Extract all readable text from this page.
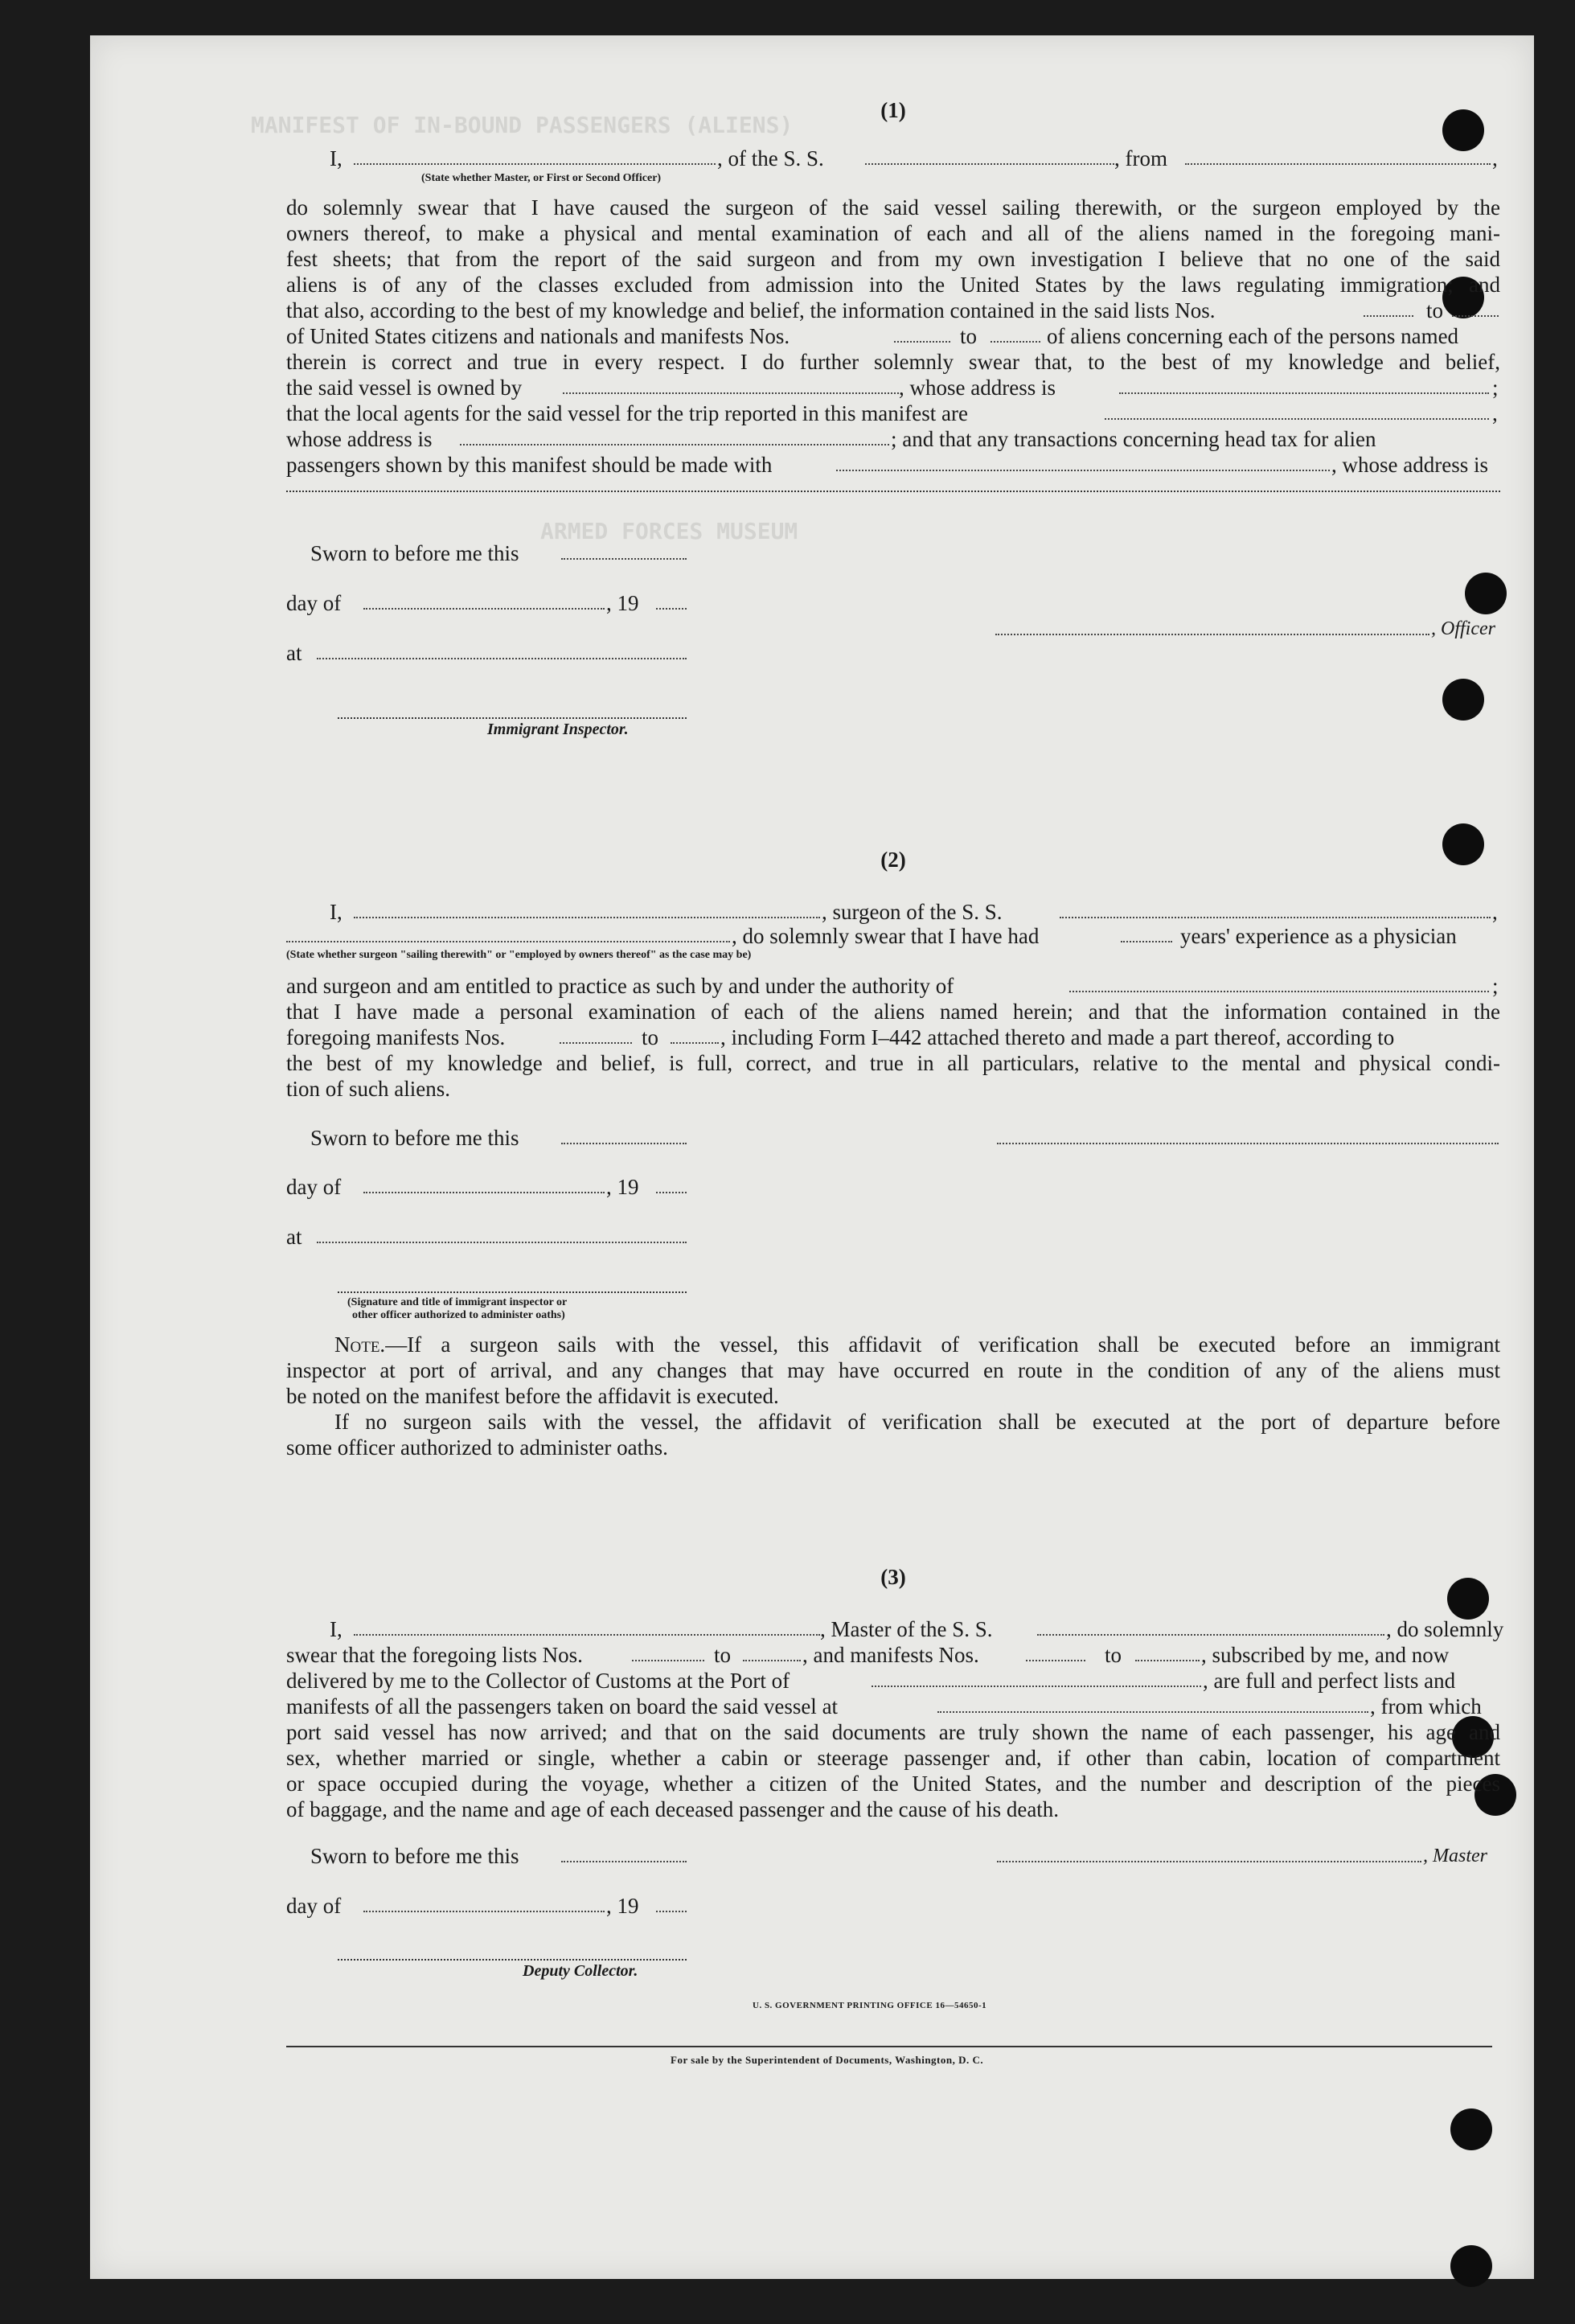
MANIFEST OF IN-BOUND PASSENGERS (ALIENS)
ARMED FORCES MUSEUM
(1)
I,	, of the S. S.	, from	,
(State whether Master, or First or Second Officer)
do solemnly swear that I have caused the surgeon of the said vessel sailing therewith, or the surgeon employed by the
owners thereof, to make a physical and mental examination of each and all of the aliens named in the foregoing mani-
fest sheets; that from the report of the said surgeon and from my own investigation I believe that no one of the said
aliens is of any of the classes excluded from admission into the United States by the laws regulating immigration; and
that also, according to the best of my knowledge and belief, the information contained in the said lists Nos.	to
of United States citizens and nationals and manifests Nos.	to	of aliens concerning each of the persons named
therein is correct and true in every respect. I do further solemnly swear that, to the best of my knowledge and belief,
the said vessel is owned by	, whose address is	;
that the local agents for the said vessel for the trip reported in this manifest are	,
whose address is	; and that any transactions concerning head tax for alien
passengers shown by this manifest should be made with	, whose address is
Sworn to before me this
day of	, 19
, Officer
at
Immigrant Inspector.
(2)
I,	, surgeon of the S. S.	,
, do solemnly swear that I have had	years' experience as a physician
(State whether surgeon "sailing therewith" or "employed by owners thereof" as the case may be)
and surgeon and am entitled to practice as such by and under the authority of	;
that I have made a personal examination of each of the aliens named herein; and that the information contained in the
foregoing manifests Nos.	to	, including Form I–442 attached thereto and made a part thereof, according to
the best of my knowledge and belief, is full, correct, and true in all particulars, relative to the mental and physical condi-
tion of such aliens.
Sworn to before me this
day of	, 19
at
(Signature and title of immigrant inspector or
other officer authorized to administer oaths)
Note.—If a surgeon sails with the vessel, this affidavit of verification shall be executed before an immigrant
inspector at port of arrival, and any changes that may have occurred en route in the condition of any of the aliens must
be noted on the manifest before the affidavit is executed.
If no surgeon sails with the vessel, the affidavit of verification shall be executed at the port of departure before
some officer authorized to administer oaths.
(3)
I,	, Master of the S. S.	, do solemnly
swear that the foregoing lists Nos.	to	, and manifests Nos.	to	, subscribed by me, and now
delivered by me to the Collector of Customs at the Port of	, are full and perfect lists and
manifests of all the passengers taken on board the said vessel at	, from which
port said vessel has now arrived; and that on the said documents are truly shown the name of each passenger, his age and
sex, whether married or single, whether a cabin or steerage passenger and, if other than cabin, location of compartment
or space occupied during the voyage, whether a citizen of the United States, and the number and description of the pieces
of baggage, and the name and age of each deceased passenger and the cause of his death.
Sworn to before me this	, Master
day of	, 19
Deputy Collector.
U. S. GOVERNMENT PRINTING OFFICE 16—54650-1
For sale by the Superintendent of Documents, Washington, D. C.
